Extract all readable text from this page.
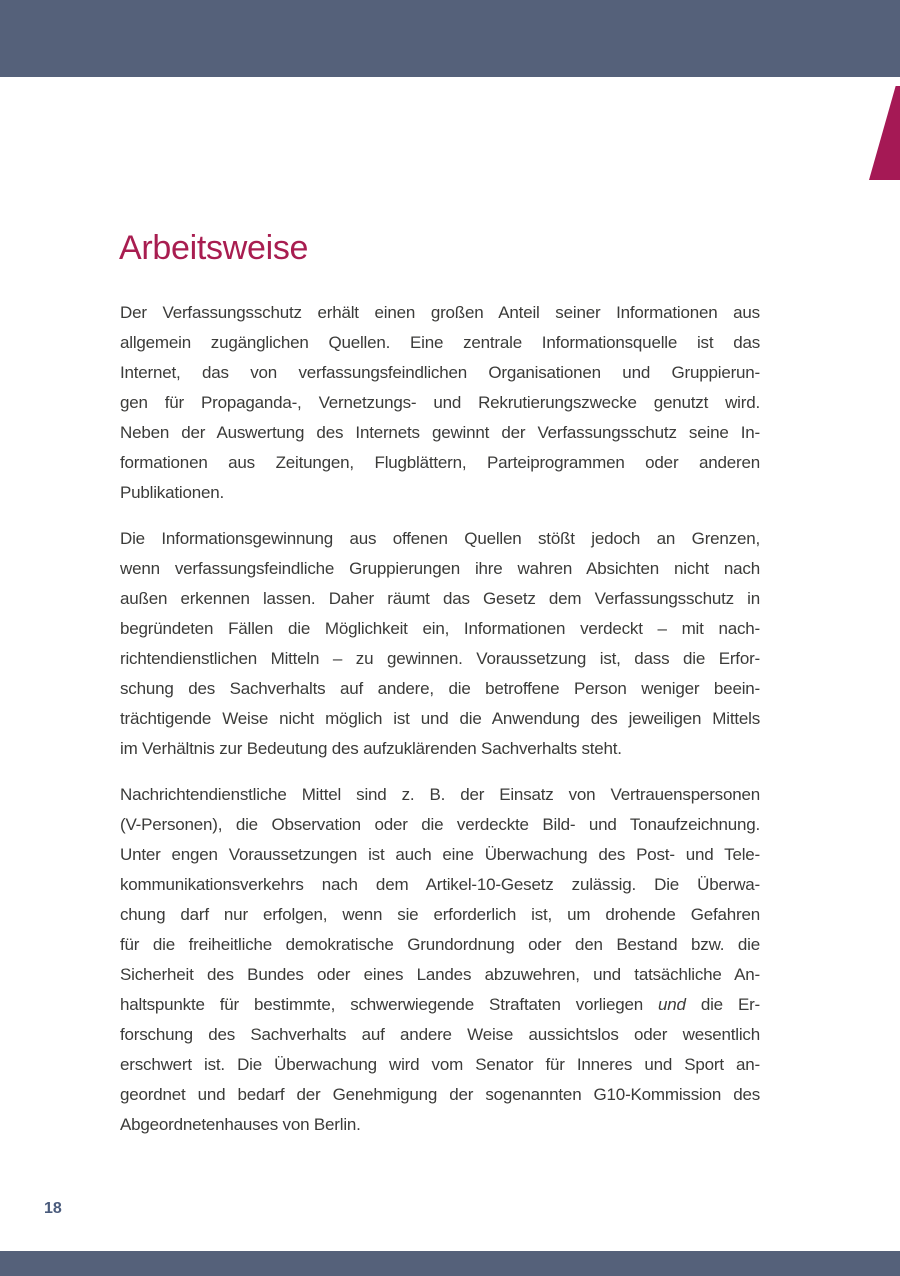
Arbeitsweise
Der Verfassungsschutz erhält einen großen Anteil seiner Informationen aus
allgemein zugänglichen Quellen. Eine zentrale Informationsquelle ist das
Internet, das von verfassungsfeindlichen Organisationen und Gruppierun-
gen für Propaganda-, Vernetzungs- und Rekrutierungszwecke genutzt wird.
Neben der Auswertung des Internets gewinnt der Verfassungsschutz seine In-
formationen aus Zeitungen, Flugblättern, Parteiprogrammen oder anderen
Publikationen.
Die Informationsgewinnung aus offenen Quellen stößt jedoch an Grenzen,
wenn verfassungsfeindliche Gruppierungen ihre wahren Absichten nicht nach
außen erkennen lassen. Daher räumt das Gesetz dem Verfassungsschutz in
begründeten Fällen die Möglichkeit ein, Informationen verdeckt – mit nach-
richtendienstlichen Mitteln – zu gewinnen. Voraussetzung ist, dass die Erfor-
schung des Sachverhalts auf andere, die betroffene Person weniger beein-
trächtigende Weise nicht möglich ist und die Anwendung des jeweiligen Mittels
im Verhältnis zur Bedeutung des aufzuklärenden Sachverhalts steht.
Nachrichtendienstliche Mittel sind z. B. der Einsatz von Vertrauenspersonen
(V-Personen), die Observation oder die verdeckte Bild- und Tonaufzeichnung.
Unter engen Voraussetzungen ist auch eine Überwachung des Post- und Tele-
kommunikationsverkehrs nach dem Artikel-10-Gesetz zulässig. Die Überwa-
chung darf nur erfolgen, wenn sie erforderlich ist, um drohende Gefahren
für die freiheitliche demokratische Grundordnung oder den Bestand bzw. die
Sicherheit des Bundes oder eines Landes abzuwehren, und tatsächliche An-
haltspunkte für bestimmte, schwerwiegende Straftaten vorliegen und die Er-
forschung des Sachverhalts auf andere Weise aussichtslos oder wesentlich
erschwert ist. Die Überwachung wird vom Senator für Inneres und Sport an-
geordnet und bedarf der Genehmigung der sogenannten G10-Kommission des
Abgeordnetenhauses von Berlin.
18
